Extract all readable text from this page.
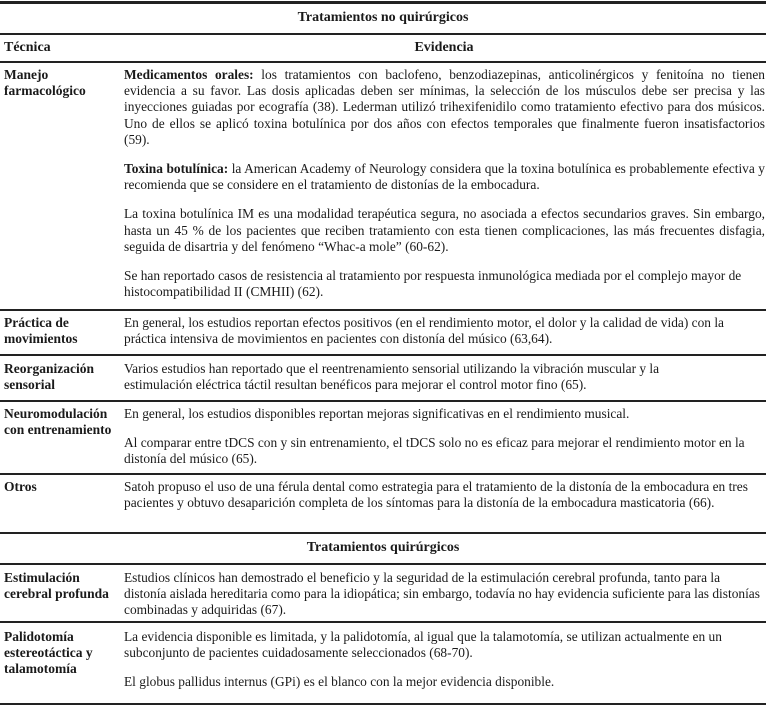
Tratamientos no quirúrgicos
Técnica	Evidencia
Manejo farmacológico

Medicamentos orales: los tratamientos con baclofeno, benzodiazepinas, anticolinérgicos y fenitoína no tienen evidencia a su favor. Las dosis aplicadas deben ser mínimas, la selección de los músculos debe ser precisa y las inyecciones guiadas por ecografía (38). Lederman utilizó trihexifenidilo como tratamiento efectivo para dos músicos. Uno de ellos se aplicó toxina botulínica por dos años con efectos temporales que finalmente fueron insatisfactorios (59).

Toxina botulínica: la American Academy of Neurology considera que la toxina botulínica es probablemente efectiva y recomienda que se considere en el tratamiento de distonías de la embocadura.

La toxina botulínica IM es una modalidad terapéutica segura, no asociada a efectos secundarios graves. Sin embargo, hasta un 45 % de los pacientes que reciben tratamiento con esta tienen complicaciones, las más frecuentes disfagia, seguida de disartria y del fenómeno “Whac-a mole” (60-62).

Se han reportado casos de resistencia al tratamiento por respuesta inmunológica mediada por el complejo mayor de histocompatibilidad II (CMHII) (62).

Práctica de movimientos

En general, los estudios reportan efectos positivos (en el rendimiento motor, el dolor y la calidad de vida) con la práctica intensiva de movimientos en pacientes con distonía del músico (63,64).

Reorganización sensorial

Varios estudios han reportado que el reentrenamiento sensorial utilizando la vibración muscular y la estimulación eléctrica táctil resultan benéficos para mejorar el control motor fino (65).

Neuromodulación con entrenamiento

En general, los estudios disponibles reportan mejoras significativas en el rendimiento musical.

Al comparar entre tDCS con y sin entrenamiento, el tDCS solo no es eficaz para mejorar el rendimiento motor en la distonía del músico (65).

Otros	Satoh propuso el uso de una férula dental como estrategia para el tratamiento de la distonía de la embocadura en tres pacientes y obtuvo desaparición completa de los síntomas para la distonía de la embocadura masticatoria (66).

Tratamientos quirúrgicos
Estimulación cerebral profunda

Estudios clínicos han demostrado el beneficio y la seguridad de la estimulación cerebral profunda, tanto para la distonía aislada hereditaria como para la idiopática; sin embargo, todavía no hay evidencia suficiente para las distonías combinadas y adquiridas (67).

Palidotomía estereotáctica y talamotomía

La evidencia disponible es limitada, y la palidotomía, al igual que la talamotomía, se utilizan actualmente en un subconjunto de pacientes cuidadosamente seleccionados (68-70).

El globus pallidus internus (GPi) es el blanco con la mejor evidencia disponible.
